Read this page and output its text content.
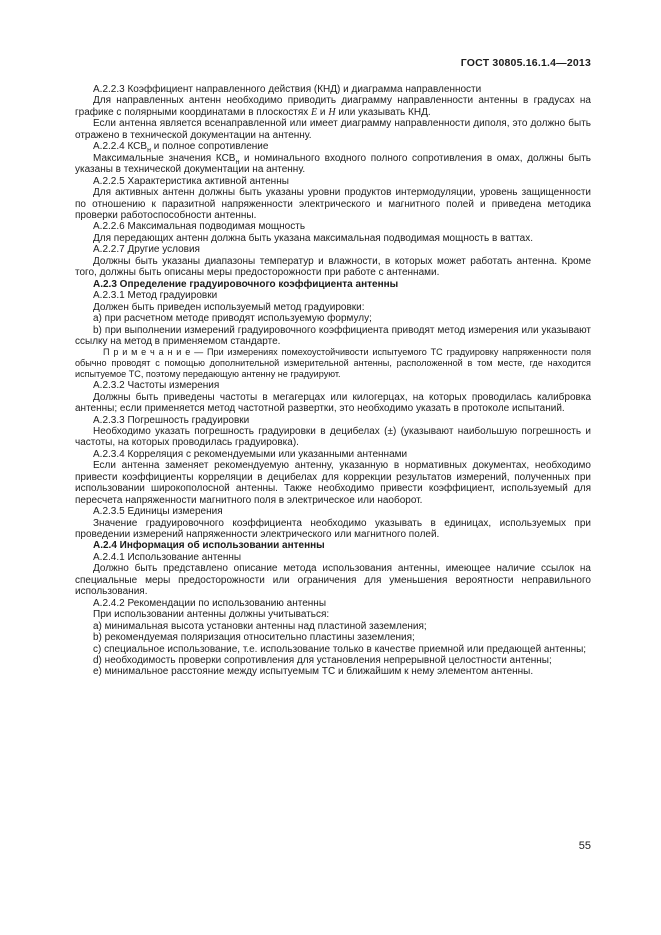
ГОСТ 30805.16.1.4—2013

А.2.2.3 Коэффициент направленного действия (КНД) и диаграмма направленности

Для направленных антенн необходимо приводить диаграмму направленности антенны в градусах на графике с полярными координатами в плоскостях E и H или указывать КНД.

Если антенна является всенаправленной или имеет диаграмму направленности диполя, это должно быть отражено в технической документации на антенну.

А.2.2.4 $КСВ_н$ и полное сопротивление

Максимальные значения $КСВ_н$ и номинального входного полного сопротивления в омах, должны быть указаны в технической документации на антенну.

А.2.2.5 Характеристика активной антенны

Для активных антенн должны быть указаны уровни продуктов интермодуляции, уровень защищенности по отношению к паразитной напряженности электрического и магнитного полей и приведена методика проверки работоспособности антенны.

А.2.2.6 Максимальная подводимая мощность

Для передающих антенн должна быть указана максимальная подводимая мощность в ваттах.

А.2.2.7 Другие условия

Должны быть указаны диапазоны температур и влажности, в которых может работать антенна. Кроме того, должны быть описаны меры предосторожности при работе с антеннами.

А.2.3 Определение градуировочного коэффициента антенны

А.2.3.1 Метод градуировки

Должен быть приведен используемый метод градуировки:

а) при расчетном методе приводят используемую формулу;

b) при выполнении измерений градуировочного коэффициента приводят метод измерения или указывают ссылку на метод в применяемом стандарте.

П р и м е ч а н и е — При измерениях помехоустойчивости испытуемого ТС градуировку напряженности поля обычно проводят с помощью дополнительной измерительной антенны, расположенной в том месте, где находится испытуемое ТС, поэтому передающую антенну не градуируют.

А.2.3.2 Частоты измерения

Должны быть приведены частоты в мегагерцах или килогерцах, на которых проводилась калибровка антенны; если применяется метод частотной развертки, это необходимо указать в протоколе испытаний.

А.2.3.3 Погрешность градуировки

Необходимо указать погрешность градуировки в децибелах (±) (указывают наибольшую погрешность и частоты, на которых проводилась градуировка).

А.2.3.4 Корреляция с рекомендуемыми или указанными антеннами

Если антенна заменяет рекомендуемую антенну, указанную в нормативных документах, необходимо привести коэффициенты корреляции в децибелах для коррекции результатов измерений, полученных при использовании широкополосной антенны. Также необходимо привести коэффициент, используемый для пересчета напряженности магнитного поля в электрическое или наоборот.

А.2.3.5 Единицы измерения

Значение градуировочного коэффициента необходимо указывать в единицах, используемых при проведении измерений напряженности электрического или магнитного полей.

А.2.4 Информация об использовании антенны

А.2.4.1 Использование антенны

Должно быть представлено описание метода использования антенны, имеющее наличие ссылок на специальные меры предосторожности или ограничения для уменьшения вероятности неправильного использования.

А.2.4.2 Рекомендации по использованию антенны

При использовании антенны должны учитываться:

а) минимальная высота установки антенны над пластиной заземления;

b) рекомендуемая поляризация относительно пластины заземления;

с) специальное использование, т.е. использование только в качестве приемной или предающей антенны;

d) необходимость проверки сопротивления для установления непрерывной целостности антенны;

е) минимальное расстояние между испытуемым ТС и ближайшим к нему элементом антенны.

55
